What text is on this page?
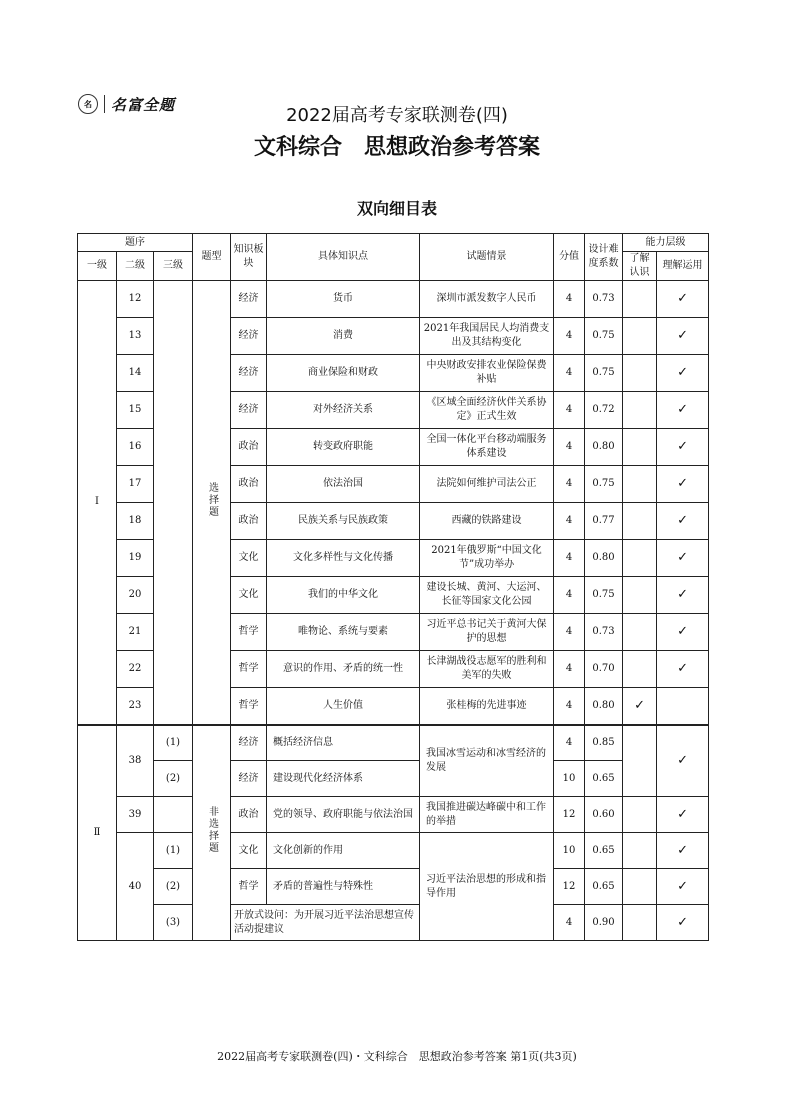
名	名富全题
2022届高考专家联测卷(四)
文科综合　思想政治参考答案
双向细目表
题序			题型	知识板块	具体知识点	试题情景	分值	设计难度系数	能力层级	
一级	二级	三级							了解认识	理解运用
Ⅰ	12		选择题	经济	货币	深圳市派发数字人民币	4	0.73		✓
	13			经济	消费	2021年我国居民人均消费支出及其结构变化	4	0.75		✓
	14			经济	商业保险和财政	中央财政安排农业保险保费补贴	4	0.75		✓
	15			经济	对外经济关系	《区域全面经济伙伴关系协定》正式生效	4	0.72		✓
	16			政治	转变政府职能	全国一体化平台移动端服务体系建设	4	0.80		✓
	17			政治	依法治国	法院如何维护司法公正	4	0.75		✓
	18			政治	民族关系与民族政策	西藏的铁路建设	4	0.77		✓
	19			文化	文化多样性与文化传播	2021年俄罗斯“中国文化节”成功举办	4	0.80		✓
	20			文化	我们的中华文化	建设长城、黄河、大运河、长征等国家文化公园	4	0.75		✓
	21			哲学	唯物论、系统与要素	习近平总书记关于黄河大保护的思想	4	0.73		✓
	22			哲学	意识的作用、矛盾的统一性	长津湖战役志愿军的胜利和美军的失败	4	0.70		✓
	23			哲学	人生价值	张桂梅的先进事迹	4	0.80	✓	
Ⅱ	38	(1)	非选择题	经济	概括经济信息	我国冰雪运动和冰雪经济的发展	4	0.85		✓
		(2)		经济	建设现代化经济体系		10	0.65		
	39			政治	党的领导、政府职能与依法治国	我国推进碳达峰碳中和工作的举措	12	0.60		✓
	40	(1)		文化	文化创新的作用	习近平法治思想的形成和指导作用	10	0.65		✓
		(2)		哲学	矛盾的普遍性与特殊性		12	0.65		✓
		(3)		开放式设问：为开展习近平法治思想宣传活动提建议			4	0.90		✓
2022届高考专家联测卷(四)・文科综合　思想政治参考答案 第1页(共3页)
